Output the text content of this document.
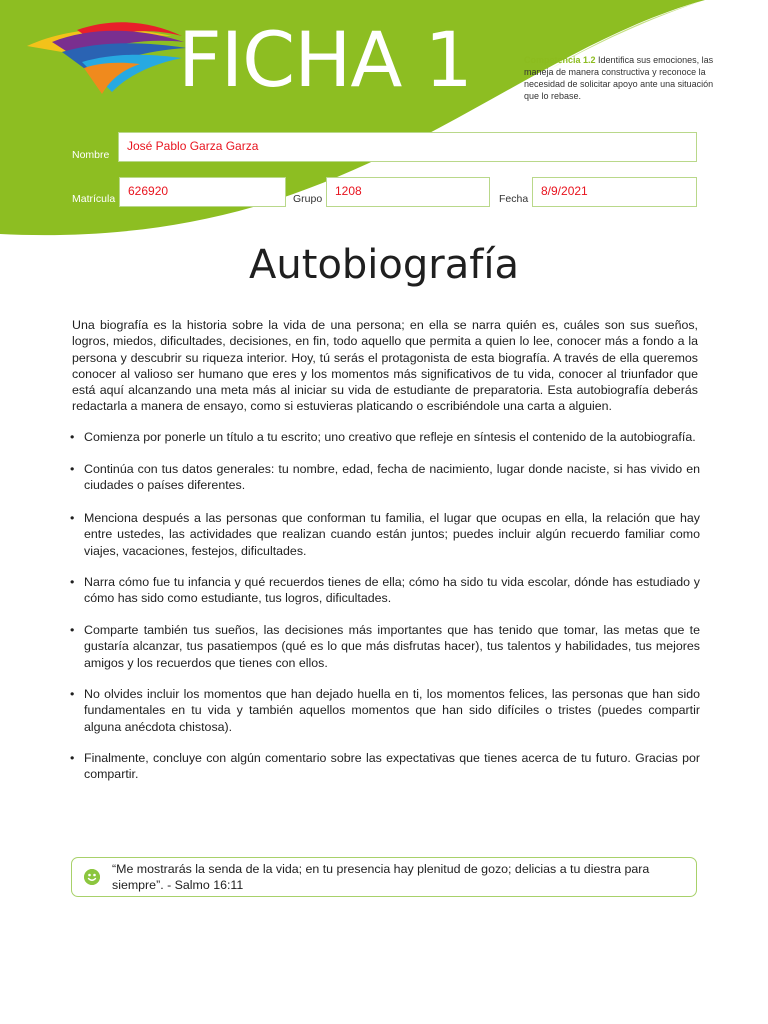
FICHA 1	Competencia 1.2 Identifica sus emociones, las maneja de manera constructiva y reconoce la necesidad de solicitar apoyo ante una situación que lo rebase.
Nombre
José Pablo Garza Garza
Matrícula
626920
Grupo
1208
Fecha
8/9/2021
Autobiografía

Una biografía es la historia sobre la vida de una persona; en ella se narra quién es, cuáles son sus sueños, logros, miedos, dificultades, decisiones, en fin, todo aquello que permita a quien lo lee, conocer más a fondo a la persona y descubrir su riqueza interior. Hoy, tú serás el protagonista de esta biografía. A través de ella queremos conocer al valioso ser humano que eres y los momentos más significativos de tu vida, conocer al triunfador que está aquí alcanzando una meta más al iniciar su vida de estudiante de preparatoria. Esta autobiografía deberás redactarla a manera de ensayo, como si estuvieras platicando o escribiéndole una carta a alguien.

• Comienza por ponerle un título a tu escrito; uno creativo que refleje en síntesis el contenido de la autobiografía.
• Continúa con tus datos generales: tu nombre, edad, fecha de nacimiento, lugar donde naciste, si has vivido en ciudades o países diferentes.
• Menciona después a las personas que conforman tu familia, el lugar que ocupas en ella, la relación que hay entre ustedes, las actividades que realizan cuando están juntos; puedes incluir algún recuerdo familiar como viajes, vacaciones, festejos, dificultades.
• Narra cómo fue tu infancia y qué recuerdos tienes de ella; cómo ha sido tu vida escolar, dónde has estudiado y cómo has sido como estudiante, tus logros, dificultades.
• Comparte también tus sueños, las decisiones más importantes que has tenido que tomar, las metas que te gustaría alcanzar, tus pasatiempos (qué es lo que más disfrutas hacer), tus talentos y habilidades, tus mejores amigos y los recuerdos que tienes con ellos.
• No olvides incluir los momentos que han dejado huella en ti, los momentos felices, las personas que han sido fundamentales en tu vida y también aquellos momentos que han sido difíciles o tristes (puedes compartir alguna anécdota chistosa).
• Finalmente, concluye con algún comentario sobre las expectativas que tienes acerca de tu futuro. Gracias por compartir.
“Me mostrarás la senda de la vida; en tu presencia hay plenitud de gozo; delicias a tu diestra para siempre”. - Salmo 16:11
